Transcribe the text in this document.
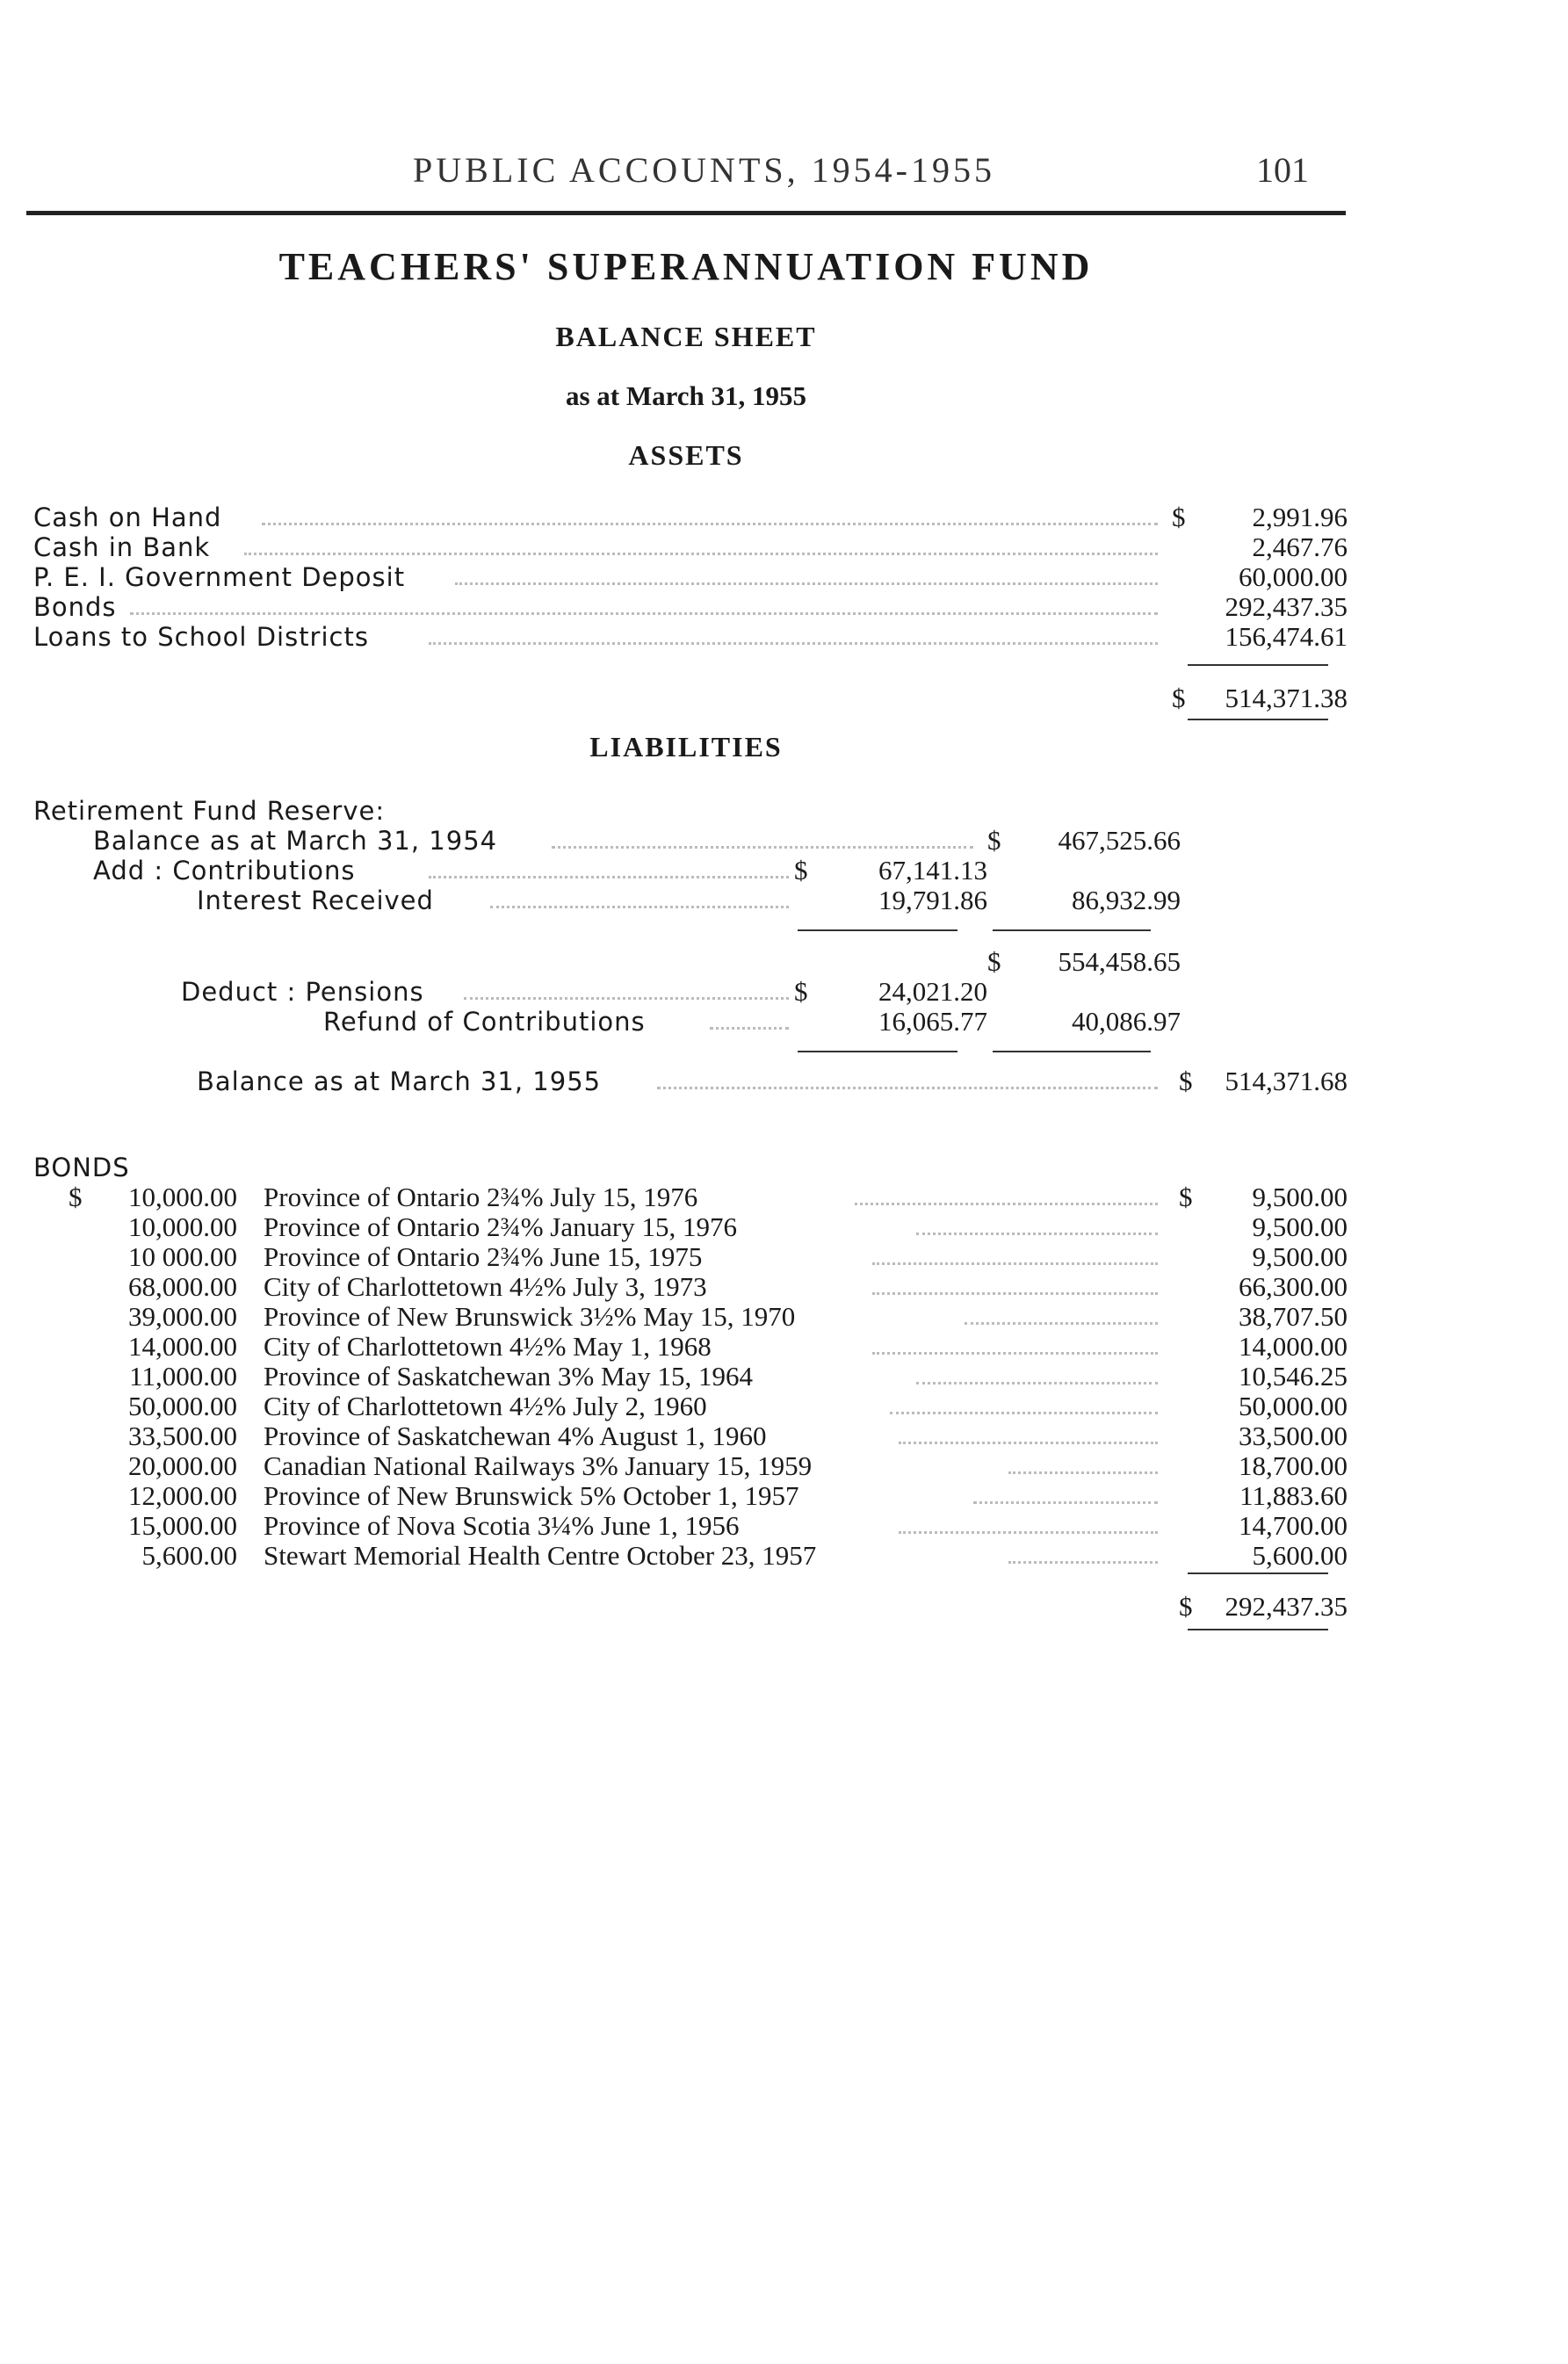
PUBLIC ACCOUNTS, 1954-1955	101
TEACHERS' SUPERANNUATION FUND
BALANCE SHEET
as at March 31, 1955
ASSETS
Cash on Hand	$	2,991.96
Cash in Bank	2,467.76
P. E. I. Government Deposit	60,000.00
Bonds	292,437.35
Loans to School Districts	156,474.61
$	514,371.38
LIABILITIES
Retirement Fund Reserve:
Balance as at March 31, 1954	$	467,525.66
Add : Contributions	$	67,141.13
Interest Received	19,791.86	86,932.99
$	554,458.65
Deduct : Pensions	$	24,021.20
Refund of Contributions	16,065.77	40,086.97
Balance as at March 31, 1955	$	514,371.68
BONDS
$	$
10,000.00 Province of Ontario 2¾% July 15, 1976	9,500.00
10,000.00 Province of Ontario 2¾% January 15, 1976	9,500.00
10 000.00 Province of Ontario 2¾% June 15, 1975	9,500.00
68,000.00 City of Charlottetown 4½% July 3, 1973	66,300.00
39,000.00 Province of New Brunswick 3½% May 15, 1970	38,707.50
14,000.00 City of Charlottetown 4½% May 1, 1968	14,000.00
11,000.00 Province of Saskatchewan 3% May 15, 1964	10,546.25
50,000.00 City of Charlottetown 4½% July 2, 1960	50,000.00
33,500.00 Province of Saskatchewan 4% August 1, 1960	33,500.00
20,000.00 Canadian National Railways 3% January 15, 1959	18,700.00
12,000.00 Province of New Brunswick 5% October 1, 1957	11,883.60
15,000.00 Province of Nova Scotia 3¼% June 1, 1956	14,700.00
5,600.00 Stewart Memorial Health Centre October 23, 1957	5,600.00
$	292,437.35
